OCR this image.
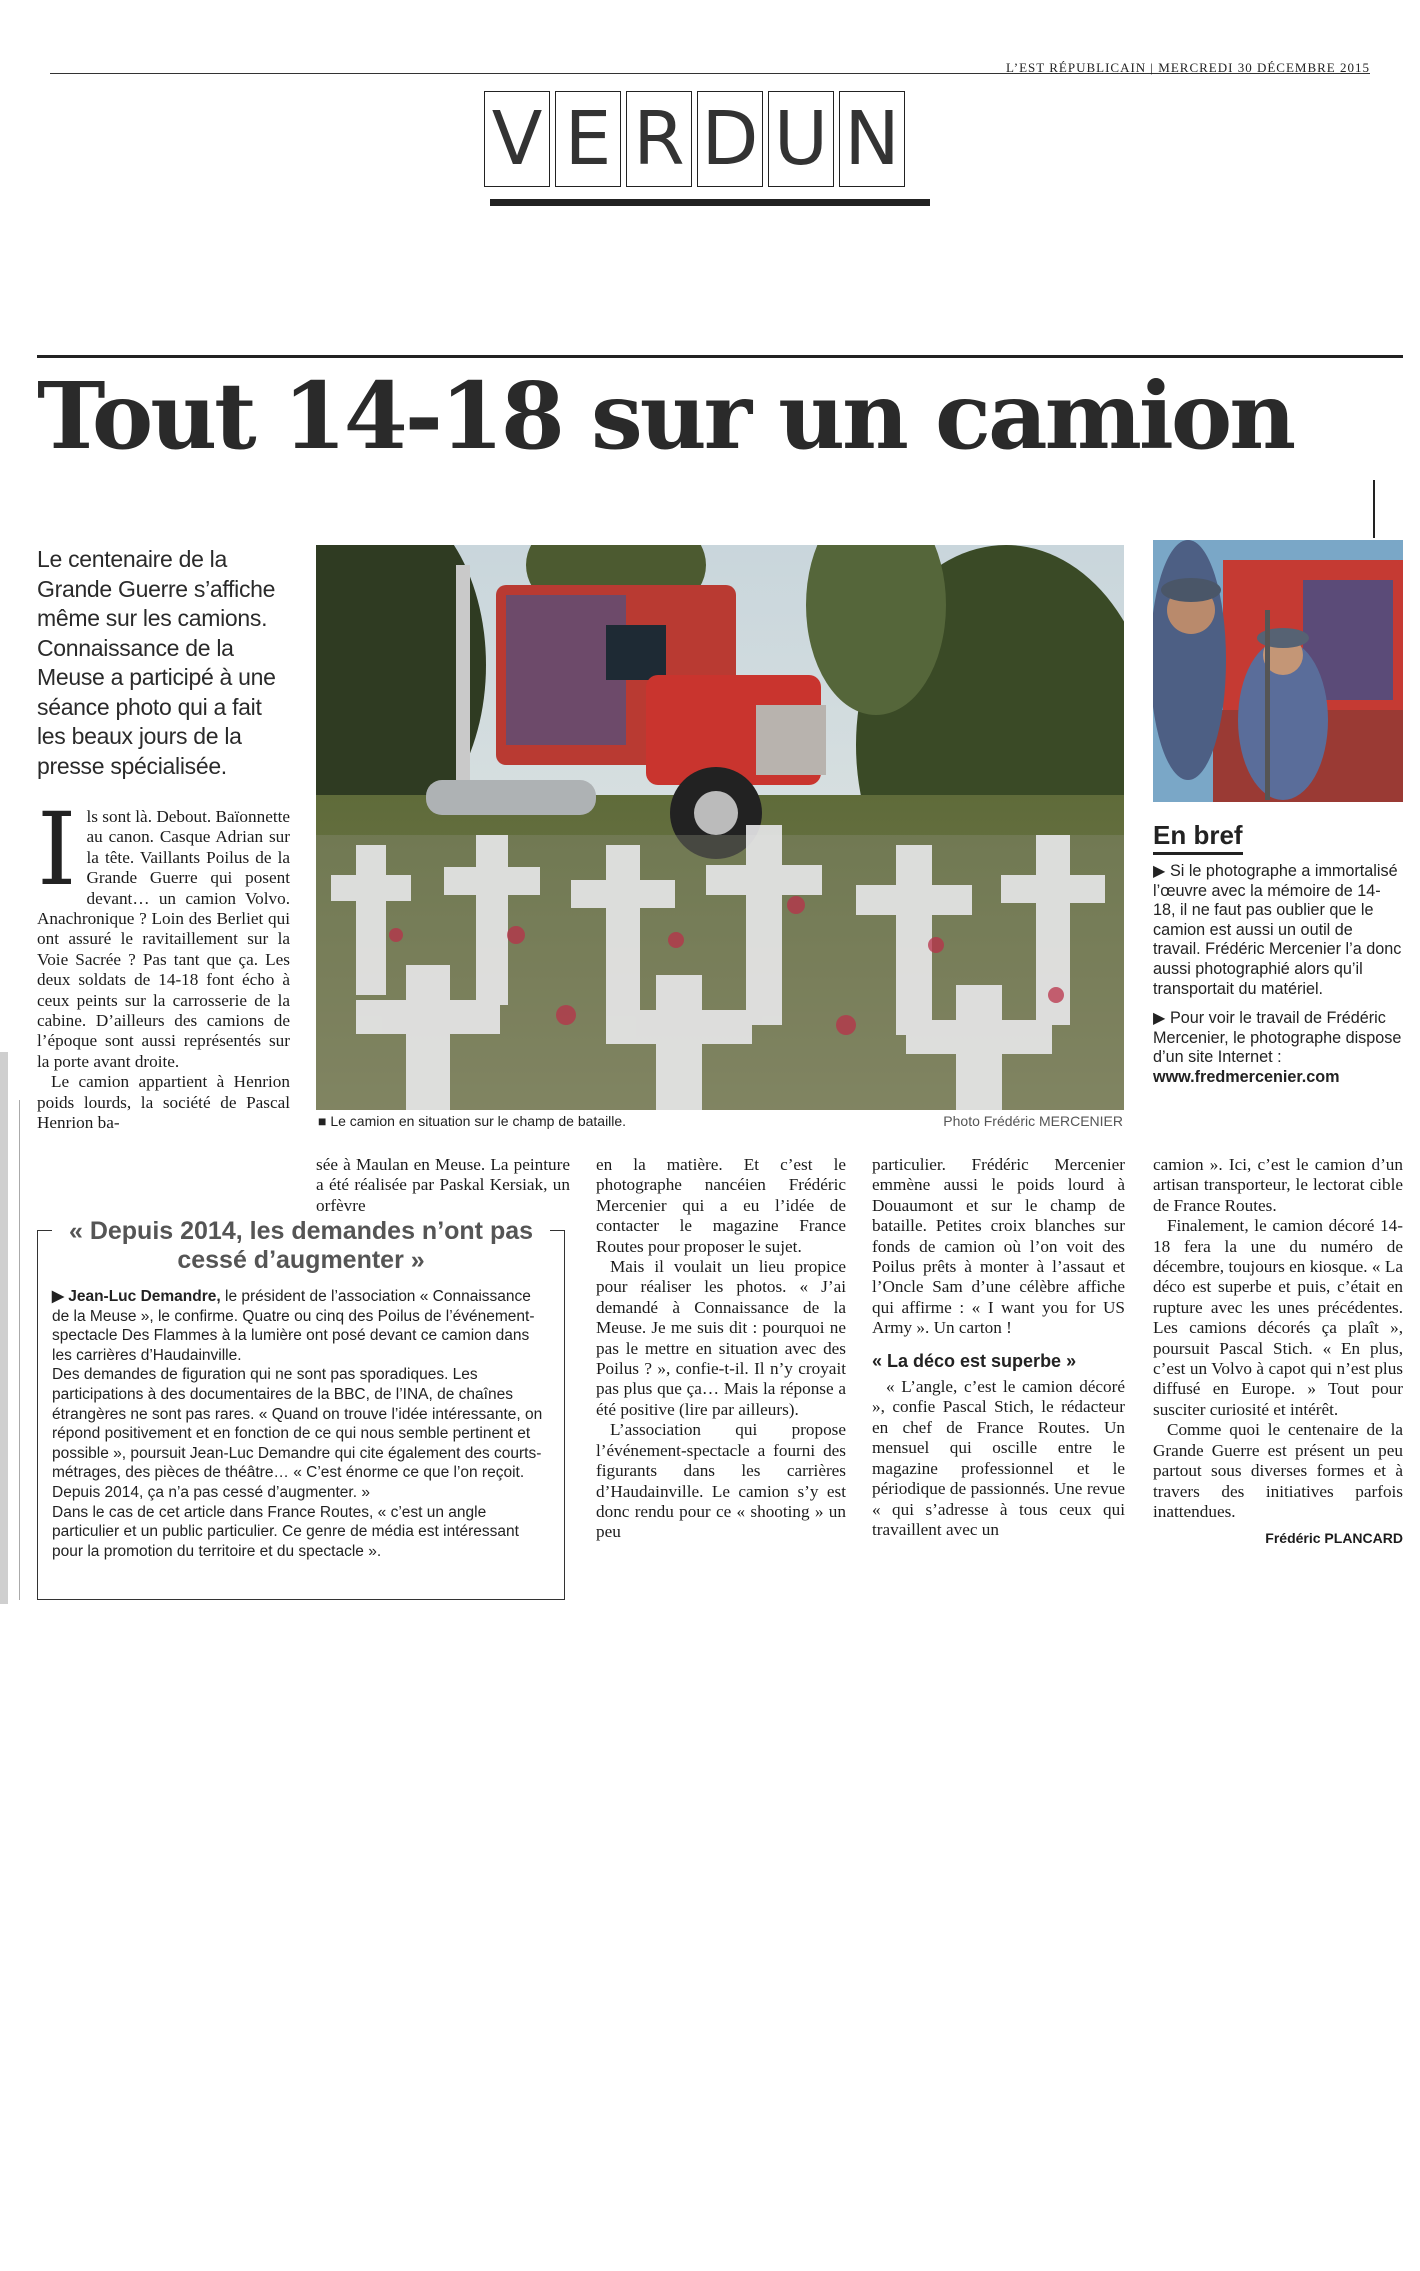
L’EST RÉPUBLICAIN | MERCREDI 30 DÉCEMBRE 2015
V E R D U N
Tout 14-18 sur un camion
Le centenaire de la Grande Guerre s’affiche même sur les camions. Connaissance de la Meuse a participé à une séance photo qui a fait les beaux jours de la presse spécialisée.
I ls sont là. Debout. Baïonnette au canon. Casque Adrian sur la tête. Vaillants Poilus de la Grande Guerre qui posent devant… un camion Volvo. Anachronique ? Loin des Berliet qui ont assuré le ravitaillement sur la Voie Sacrée ? Pas tant que ça. Les deux soldats de 14-18 font écho à ceux peints sur la carrosserie de la cabine. D’ailleurs des camions de l’époque sont aussi représentés sur la porte avant droite.

Le camion appartient à Henrion poids lourds, la société de Pascal Henrion ba-	■ Le camion en situation sur le champ de bataille.	Photo Frédéric MERCENIER

sée à Maulan en Meuse. La peinture a été réalisée par Paskal Kersiak, un orfèvre

en la matière. Et c’est le photographe nancéien Frédéric Mercenier qui a eu l’idée de contacter le magazine France Routes pour proposer le sujet.

Mais il voulait un lieu propice pour réaliser les photos. « J’ai demandé à Connaissance de la Meuse. Je me suis dit : pourquoi ne pas le mettre en situation avec des Poilus ? », confie-t-il. Il n’y croyait pas plus que ça… Mais la réponse a été positive (lire par ailleurs).

L’association qui propose l’événement-spectacle a fourni des figurants dans les carrières d’Haudainville. Le camion s’y est donc rendu pour ce « shooting » un peu

particulier. Frédéric Mercenier emmène aussi le poids lourd à Douaumont et sur le champ de bataille. Petites croix blanches sur fonds de camion où l’on voit des Poilus prêts à monter à l’assaut et l’Oncle Sam d’une célèbre affiche qui affirme : « I want you for US Army ». Un carton !

« La déco est superbe »

« L’angle, c’est le camion décoré », confie Pascal Stich, le rédacteur en chef de France Routes. Un mensuel qui oscille entre le magazine professionnel et le périodique de passionnés. Une revue « qui s’adresse à tous ceux qui travaillent avec un

camion ». Ici, c’est le camion d’un artisan transporteur, le lectorat cible de France Routes.

Finalement, le camion décoré 14-18 fera la une du numéro de décembre, toujours en kiosque. « La déco est superbe et puis, c’était en rupture avec les unes précédentes. Les camions décorés ça plaît », poursuit Pascal Stich. « En plus, c’est un Volvo à capot qui n’est plus diffusé en Europe. » Tout pour susciter curiosité et intérêt.

Comme quoi le centenaire de la Grande Guerre est présent un peu partout sous diverses formes et à travers des initiatives parfois inattendues.

Frédéric PLANCARD
« Depuis 2014, les demandes n’ont pas cessé d’augmenter »

▶ Jean-Luc Demandre, le président de l’association « Connaissance de la Meuse », le confirme. Quatre ou cinq des Poilus de l’événement-spectacle Des Flammes à la lumière ont posé devant ce camion dans les carrières d’Haudainville.

Des demandes de figuration qui ne sont pas sporadiques. Les participations à des documentaires de la BBC, de l’INA, de chaînes étrangères ne sont pas rares. « Quand on trouve l’idée intéressante, on répond positivement et en fonction de ce qui nous semble pertinent et possible », poursuit Jean-Luc Demandre qui cite également des courts-métrages, des pièces de théâtre… « C’est énorme ce que l’on reçoit. Depuis 2014, ça n’a pas cessé d’augmenter. »

Dans le cas de cet article dans France Routes, « c’est un angle particulier et un public particulier. Ce genre de média est intéressant pour la promotion du territoire et du spectacle ».

En bref

▶ Si le photographe a immortalisé l’œuvre avec la mémoire de 14-18, il ne faut pas oublier que le camion est aussi un outil de travail. Frédéric Mercenier l’a donc aussi photographié alors qu’il transportait du matériel.

▶ Pour voir le travail de Frédéric Mercenier, le photographe dispose d’un site Internet : www.fredmercenier.com
